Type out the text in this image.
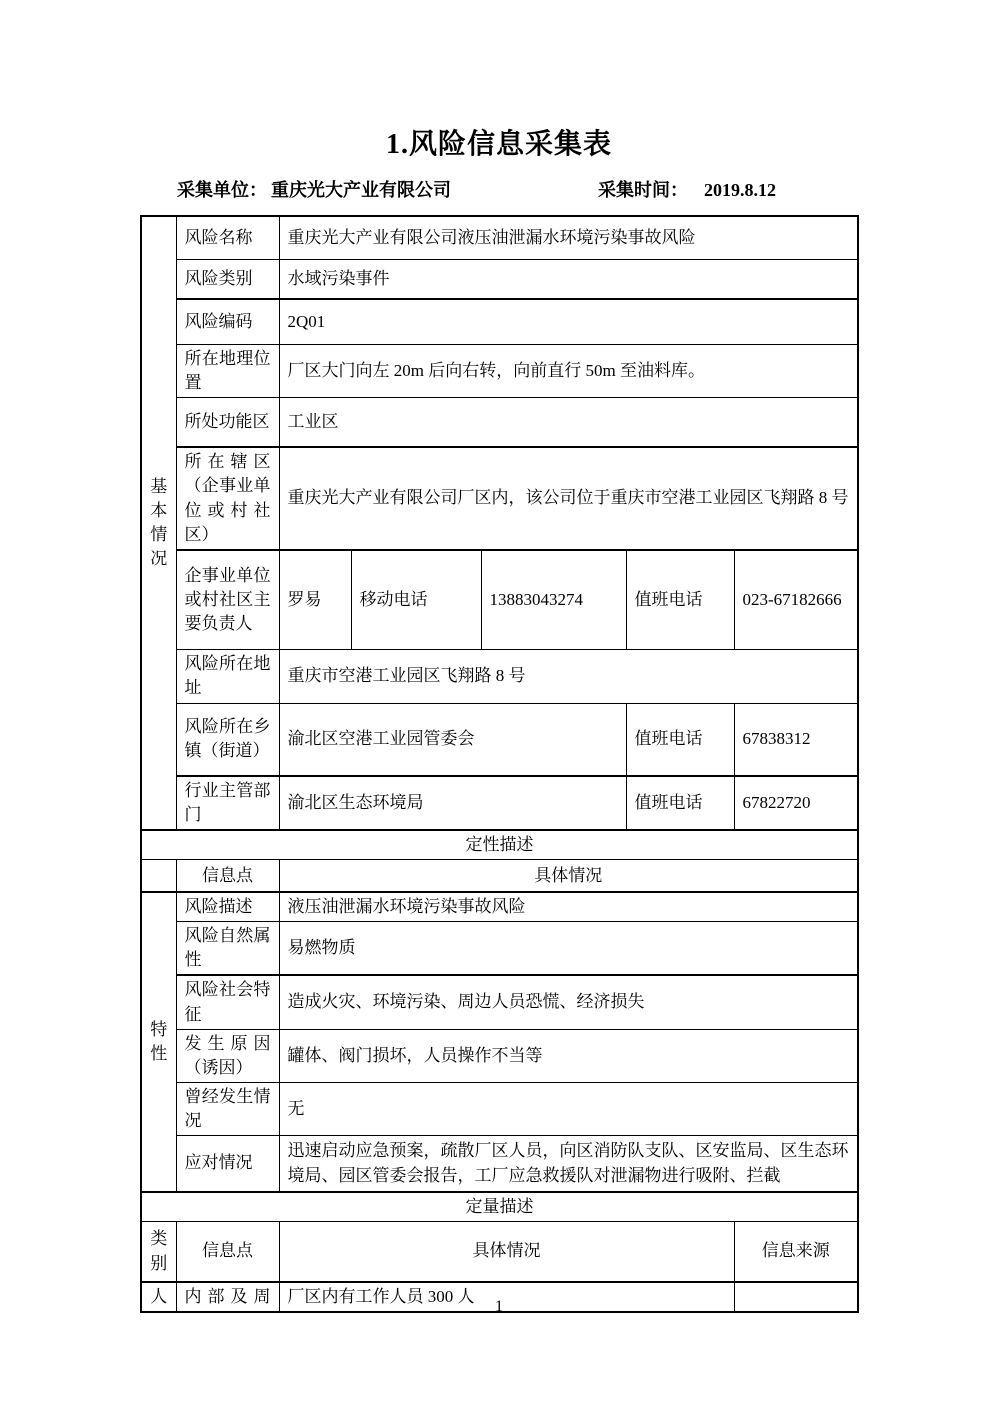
1.风险信息采集表
采集单位： 重庆光大产业有限公司	采集时间： 2019.8.12
基本情况	风险名称	重庆光大产业有限公司液压油泄漏水环境污染事故风险				
	风险类别	水域污染事件				
	风险编码	2Q01				
	所在地理位置	厂区大门向左 20m 后向右转，向前直行 50m 至油料库。				
	所处功能区	工业区				
	所在辖区（企事业单位或村社区）	重庆光大产业有限公司厂区内，该公司位于重庆市空港工业园区飞翔路 8 号				
	企事业单位或村社区主要负责人	罗易	移动电话	13883043274	值班电话	023-67182666
	风险所在地址	重庆市空港工业园区飞翔路 8 号				
	风险所在乡镇（街道）	渝北区空港工业园管委会			值班电话	67838312
	行业主管部门	渝北区生态环境局			值班电话	67822720
定性描述						
	信息点	具体情况				
特性	风险描述	液压油泄漏水环境污染事故风险				
	风险自然属性	易燃物质				
	风险社会特征	造成火灾、环境污染、周边人员恐慌、经济损失				
	发生原因（诱因）	罐体、阀门损坏，人员操作不当等				
	曾经发生情况	无				
	应对情况	迅速启动应急预案，疏散厂区人员，向区消防队支队、区安监局、区生态环境局、园区管委会报告，工厂应急救援队对泄漏物进行吸附、拦截				
定量描述						
类别	信息点	具体情况				信息来源
人	内部及周	厂区内有工作人员 300 人				
1
